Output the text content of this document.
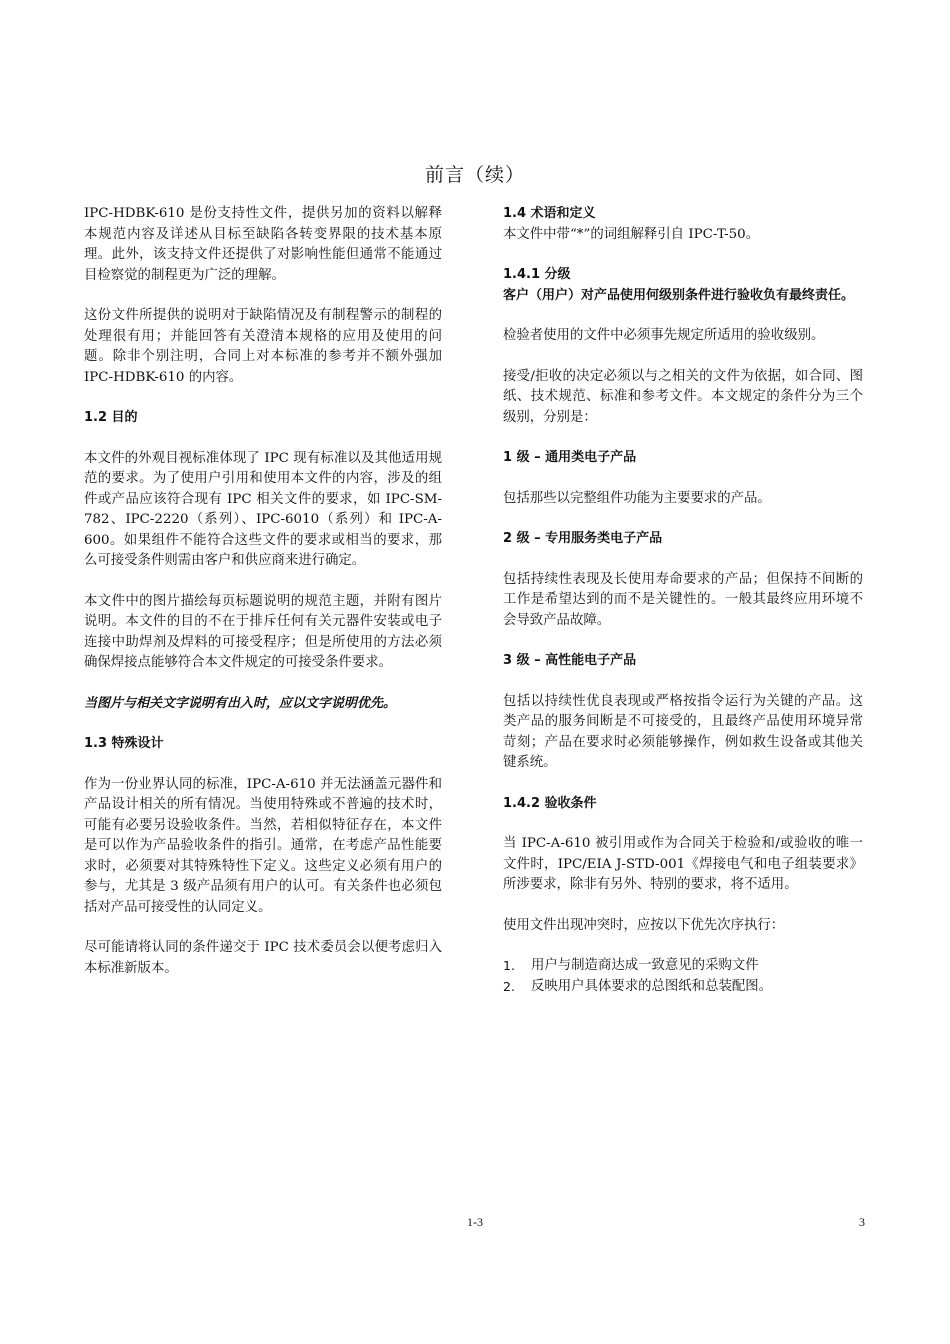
前言（续）

IPC-HDBK-610 是份支持性文件，提供另加的资料以解释本规范内容及详述从目标至缺陷各转变界限的技术基本原理。此外，该支持文件还提供了对影响性能但通常不能通过目检察觉的制程更为广泛的理解。

这份文件所提供的说明对于缺陷情况及有制程警示的制程的处理很有用；并能回答有关澄清本规格的应用及使用的问题。除非个别注明，合同上对本标准的参考并不额外强加 IPC-HDBK-610 的内容。

1.2 目的

本文件的外观目视标准体现了 IPC 现有标准以及其他适用规范的要求。为了使用户引用和使用本文件的内容，涉及的组件或产品应该符合现有 IPC 相关文件的要求，如 IPC-SM-782、IPC-2220（系列）、IPC-6010（系列）和 IPC-A-600。如果组件不能符合这些文件的要求或相当的要求，那么可接受条件则需由客户和供应商来进行确定。

本文件中的图片描绘每页标题说明的规范主题，并附有图片说明。本文件的目的不在于排斥任何有关元器件安装或电子连接中助焊剂及焊料的可接受程序；但是所使用的方法必须确保焊接点能够符合本文件规定的可接受条件要求。

当图片与相关文字说明有出入时，应以文字说明优先。
1.3 特殊设计

作为一份业界认同的标准，IPC-A-610 并无法涵盖元器件和产品设计相关的所有情况。当使用特殊或不普遍的技术时，可能有必要另设验收条件。当然，若相似特征存在，本文件是可以作为产品验收条件的指引。通常，在考虑产品性能要求时，必须要对其特殊特性下定义。这些定义必须有用户的参与，尤其是 3 级产品须有用户的认可。有关条件也必须包括对产品可接受性的认同定义。

尽可能请将认同的条件递交于 IPC 技术委员会以便考虑归入本标准新版本。

1.4 术语和定义

本文件中带“*”的词组解释引自 IPC-T-50。

1.4.1 分级
客户（用户）对产品使用何级别条件进行验收负有最终责任。

检验者使用的文件中必须事先规定所适用的验收级别。

接受/拒收的决定必须以与之相关的文件为依据，如合同、图纸、技术规范、标准和参考文件。本文规定的条件分为三个级别，分别是：

1 级 – 通用类电子产品

包括那些以完整组件功能为主要要求的产品。

2 级 – 专用服务类电子产品

包括持续性表现及长使用寿命要求的产品；但保持不间断的工作是希望达到的而不是关键性的。一般其最终应用环境不会导致产品故障。

3 级 – 高性能电子产品

包括以持续性优良表现或严格按指令运行为关键的产品。这类产品的服务间断是不可接受的，且最终产品使用环境异常苛刻；产品在要求时必须能够操作，例如救生设备或其他关键系统。

1.4.2 验收条件

当 IPC-A-610 被引用或作为合同关于检验和/或验收的唯一文件时，IPC/EIA J-STD-001《焊接电气和电子组装要求》所涉要求，除非有另外、特别的要求，将不适用。

使用文件出现冲突时，应按以下优先次序执行：

1.	用户与制造商达成一致意见的采购文件
2.	反映用户具体要求的总图纸和总装配图。
1-3	3
